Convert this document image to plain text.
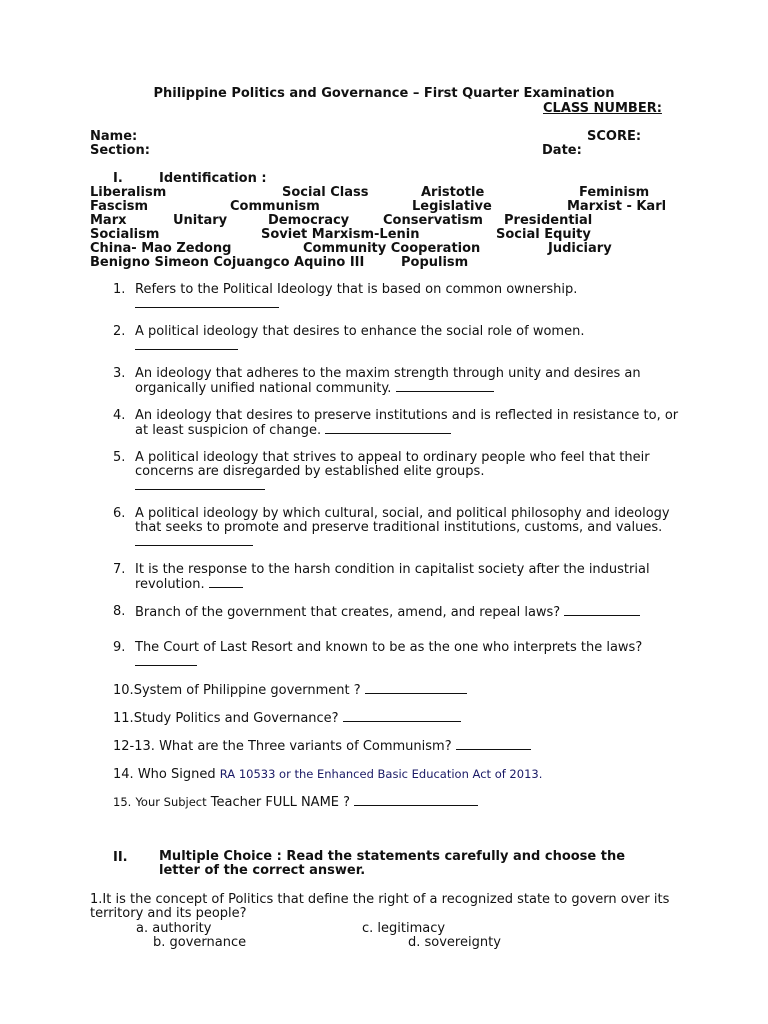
Philippine Politics and Governance – First Quarter Examination
CLASS NUMBER:
Name:	SCORE:
Section:	Date:
I.	Identification :
Liberalism	Social Class	Aristotle	Feminism
Fascism	Communism	Legislative	Marxist - Karl
Marx	Unitary	Democracy	Conservatism Presidential
Socialism	Soviet Marxism-Lenin	Social Equity
China- Mao Zedong	Community Cooperation	Judiciary
Benigno Simeon Cojuangco Aquino III	Populism
1. Refers to the Political Ideology that is based on common ownership.

2. A political ideology that desires to enhance the social role of women.

3. An ideology that adheres to the maxim strength through unity and desires an organically unified national community.
4. An ideology that desires to preserve institutions and is reflected in resistance to, or at least suspicion of change.
5. A political ideology that strives to appeal to ordinary people who feel that their concerns are disregarded by established elite groups.

6. A political ideology by which cultural, social, and political philosophy and ideology that seeks to promote and preserve traditional institutions, customs, and values.
7. It is the response to the harsh condition in capitalist society after the industrial revolution.
8. Branch of the government that creates, amend, and repeal laws?
9. The Court of Last Resort and known to be as the one who interprets the laws?

10.System of Philippine government ?
11.Study Politics and Governance?
12-13. What are the Three variants of Communism?
14. Who Signed RA 10533 or the Enhanced Basic Education Act of 2013.
15. Your Subject Teacher FULL NAME ?
II. Multiple Choice : Read the statements carefully and choose the letter of the correct answer.
1.It is the concept of Politics that define the right of a recognized state to govern over its territory and its people?
a. authority	c. legitimacy
b. governance	d. sovereignty
